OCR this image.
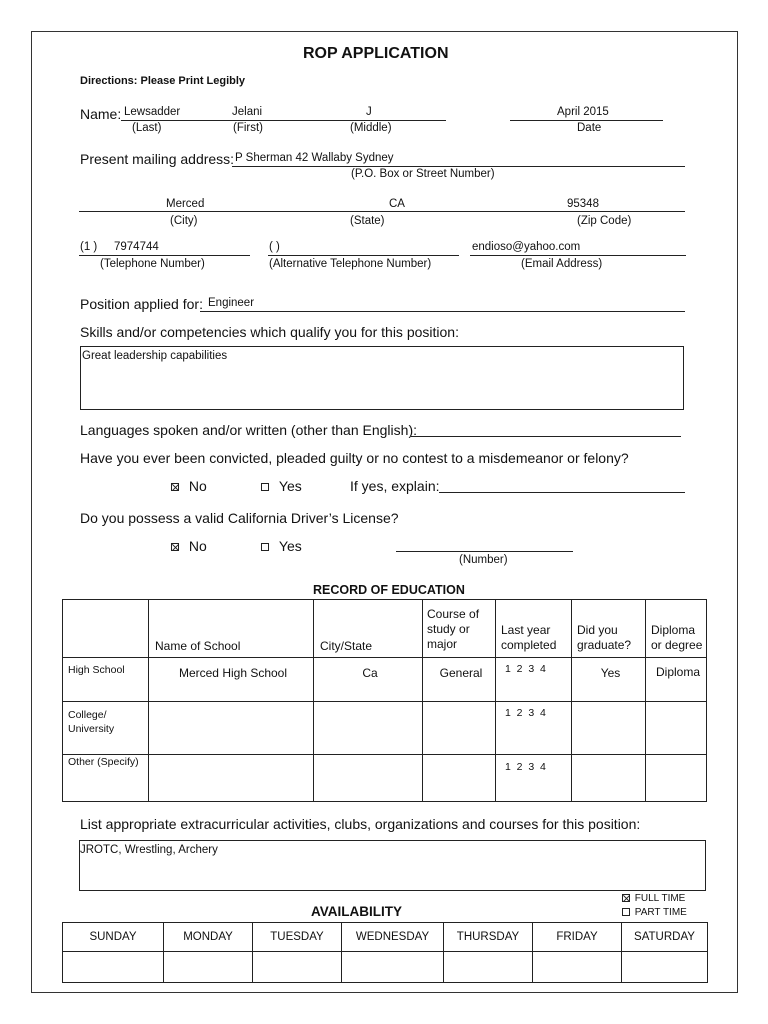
ROP APPLICATION
Directions: Please Print Legibly
Name: Lewsadder	Jelani	J	April 2015
(Last)	(First)	(Middle)	Date
Present mailing address: P Sherman 42 Wallaby Sydney
(P.O. Box or Street Number)
Merced	CA	95348
(City)	(State)	(Zip Code)
(1 ) 7974744	( )	endioso@yahoo.com
(Telephone Number)	(Alternative Telephone Number)	(Email Address)
Position applied for: Engineer
Skills and/or competencies which qualify you for this position:
Great leadership capabilities
Languages spoken and/or written (other than English):
Have you ever been convicted, pleaded guilty or no contest to a misdemeanor or felony?
No	Yes	If yes, explain:
Do you possess a valid California Driver’s License?
No	Yes
(Number)
RECORD OF EDUCATION
	Name of School	City/State	Course of study or major	Last year completed	Did you graduate?	Diploma or degree
High School	Merced High School	Ca	General	1  2  3  4	Yes	Diploma
College/ University				1  2  3  4		
Other (Specify)				1  2  3  4		
List appropriate extracurricular activities, clubs, organizations and courses for this position:
JROTC, Wrestling, Archery
FULL TIME
PART TIME
AVAILABILITY
SUNDAY	MONDAY	TUESDAY	WEDNESDAY	THURSDAY	FRIDAY	SATURDAY
